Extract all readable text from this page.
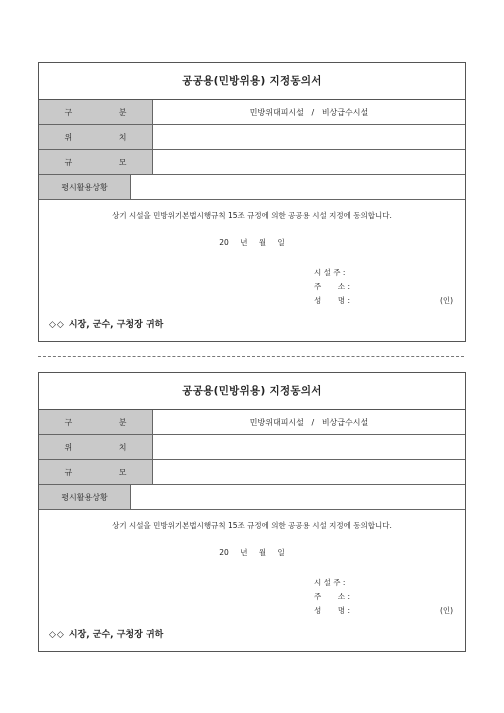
공공용(민방위용) 지정동의서
구 분	민방위대피시설   /   비상급수시설
위 치
규 모
평시활용상황
상기 시설을 민방위기본법시행규칙 15조 규정에 의한 공공용 시설 지정에 동의합니다.
20 년 월 일
시 설 주 :
주       소 :
성       명 :	(인)
◇◇ 시장, 군수, 구청장 귀하
공공용(민방위용) 지정동의서
구 분	민방위대피시설   /   비상급수시설
위 치
규 모
평시활용상황
상기 시설을 민방위기본법시행규칙 15조 규정에 의한 공공용 시설 지정에 동의합니다.
20 년 월 일
시 설 주 :
주       소 :
성       명 :	(인)
◇◇ 시장, 군수, 구청장 귀하
